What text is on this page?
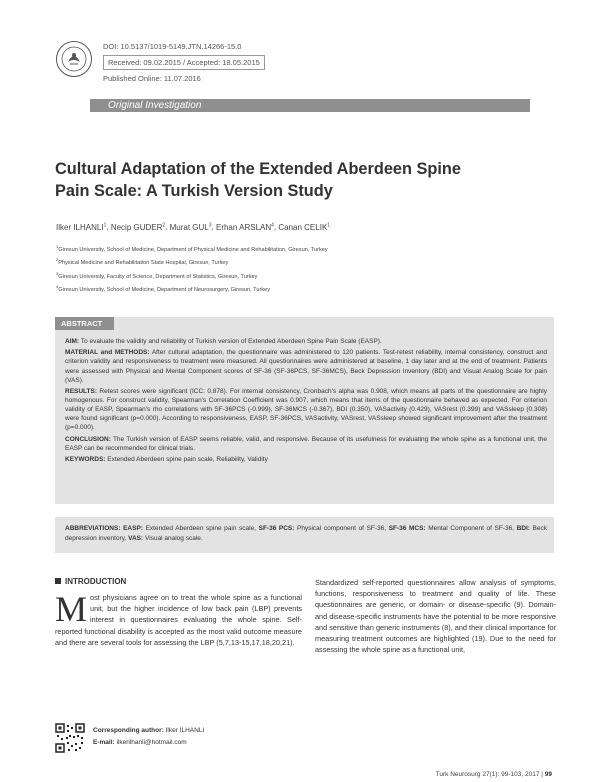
DOI: 10.5137/1019-5149.JTN.14266-15.0
Received: 09.02.2015 / Accepted: 18.05.2015
Published Online: 11.07.2016
Original Investigation
Cultural Adaptation of the Extended Aberdeen Spine Pain Scale: A Turkish Version Study
Ilker ILHANLI$^1$, Necip GUDER$^2$, Murat GUL$^3$, Erhan ARSLAN$^4$, Canan CELIK$^1$
$^1$Giresun University, School of Medicine, Department of Physical Medicine and Rehabilitation, Giresun, Turkey
$^2$Physical Medicine and Rehabilitation State Hospital, Giresun, Turkey
$^3$Giresun University, Faculty of Science, Department of Statistics, Giresun, Turkey
$^4$Giresun University, School of Medicine, Department of Neurosurgery, Giresun, Turkey
ABSTRACT

AIM: To evaluate the validity and reliability of Turkish version of Extended Aberdeen Spine Pain Scale (EASP).

MATERIAL and METHODS: After cultural adaptation, the questionnaire was administered to 120 patients. Test-retest reliability, internal consistency, construct and criterion validity and responsiveness to treatment were measured. All questionnaires were administered at baseline, 1 day later and at the end of treatment. Patients were assessed with Physical and Mental Component scores of SF-36 (SF-36PCS, SF-36MCS), Beck Depression Inventory (BDI) and Visual Analog Scale for pain (VAS).

RESULTS: Retest scores were significant (ICC: 0.878). For internal consistency, Cronbach's alpha was 0.908, which means all parts of the questionnaire are highly homogenous. For construct validity, Spearman's Correlation Coefficient was 0.907, which means that items of the questionnaire behaved as expected. For criterion validity of EASP, Spearman's rho correlations with SF-36PCS (-0.999), SF-36MCS (-0.367), BDI (0.350), VASactivity (0.429), VASrest (0.399) and VASsleep (0.308) were found significant (p=0.000). According to responsiveness, EASP, SF-36PCS, VASactivity, VASrest, VASsleep showed significant improvement after the treatment (p=0.000).

CONCLUSION: The Turkish version of EASP seems reliable, valid, and responsive. Because of its usefulness for evaluating the whole spine as a functional unit, the EASP can be recommended for clinical trials.

KEYWORDS: Extended Aberdeen spine pain scale, Reliability, Validity

ABBREVIATIONS: EASP: Extended Aberdeen spine pain scale, SF-36 PCS: Physical component of SF-36, SF-36 MCS: Mental Component of SF-36, BDI: Beck depression inventory, VAS: Visual analog scale.
INTRODUCTION
Most physicians agree on to treat the whole spine as a functional unit, but the higher incidence of low back pain (LBP) prevents interest in questionnaires evaluating the whole spine. Self-reported functional disability is accepted as the most valid outcome measure and there are several tools for assessing the LBP (5,7,13-15,17,18,20,21).
Standardized self-reported questionnaires allow analysis of symptoms, functions, responsiveness to treatment and quality of life. These questionnaires are generic, or domain- or disease-specific (9). Domain- and disease-specific instruments have the potential to be more responsive and sensitive than generic instruments (8), and their clinical importance for measuring treatment outcomes are highlighted (19). Due to the need for assessing the whole spine as a functional unit,
Corresponding author: Ilker ILHANLI
E-mail: ilkerilhanli@hotmail.com
Turk Neurosurg 27(1): 99-103, 2017 | 99
